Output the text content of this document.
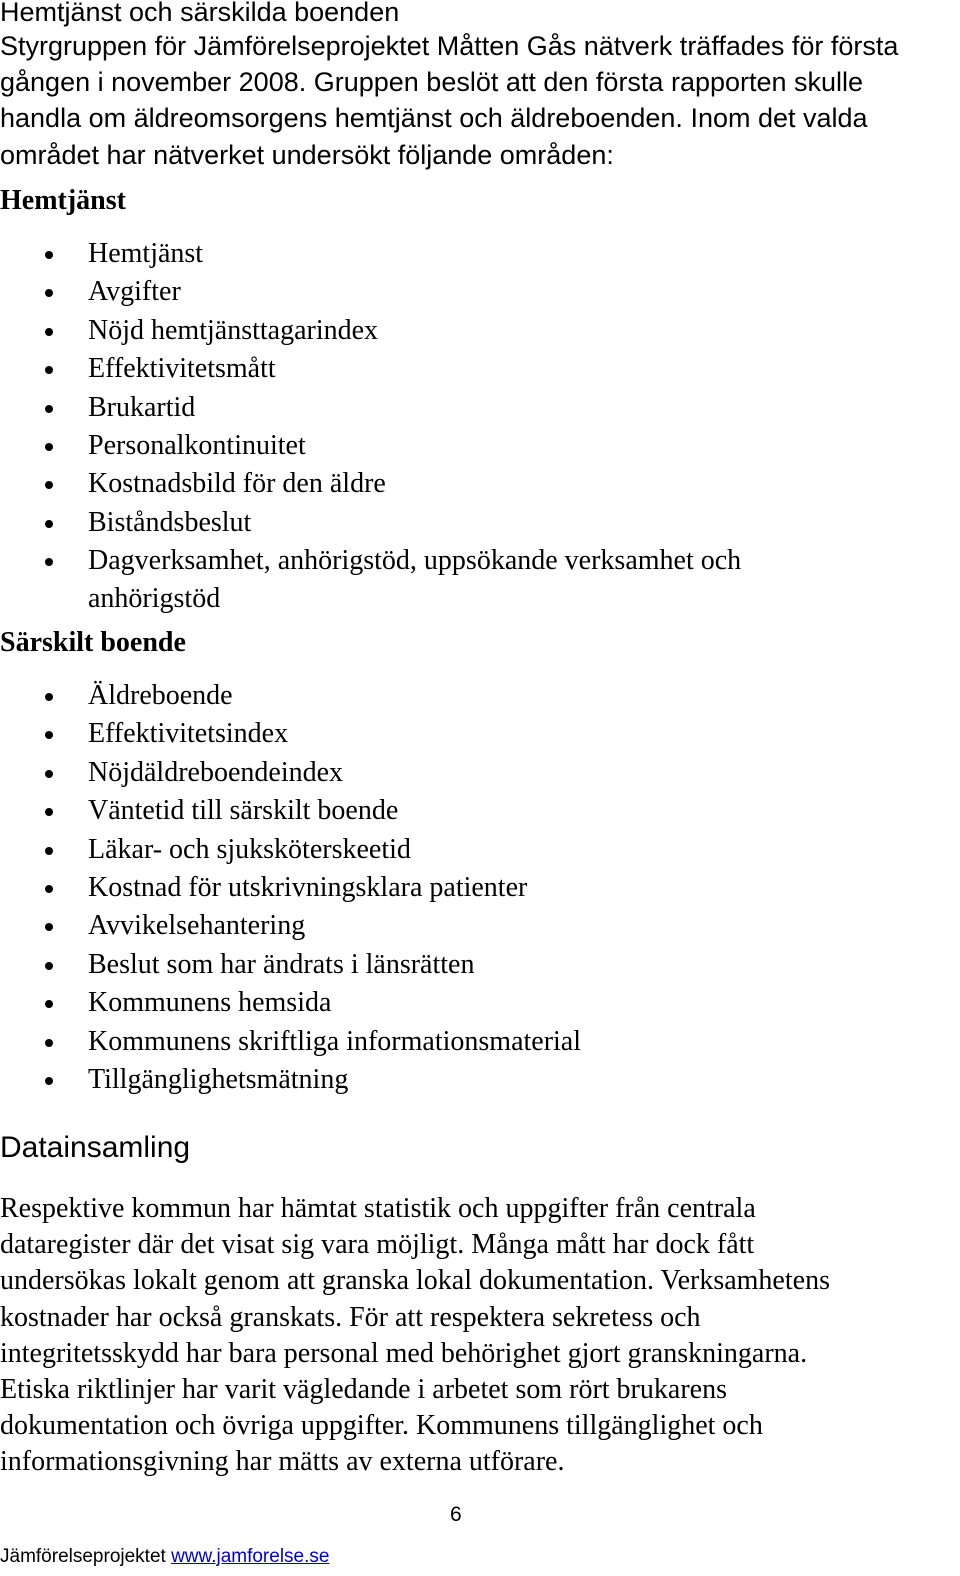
Hemtjänst och särskilda boenden
Styrgruppen för Jämförelseprojektet Måtten Gås nätverk träffades för första
gången i november 2008. Gruppen beslöt att den första rapporten skulle
handla om äldreomsorgens hemtjänst och äldreboenden. Inom det valda
området har nätverket undersökt följande områden:
Hemtjänst
Hemtjänst
Avgifter
Nöjd hemtjänsttagarindex
Effektivitetsmått
Brukartid
Personalkontinuitet
Kostnadsbild för den äldre
Biståndsbeslut
Dagverksamhet, anhörigstöd, uppsökande verksamhet och
anhörigstöd
Särskilt boende
Äldreboende
Effektivitetsindex
Nöjdäldreboendeindex
Väntetid till särskilt boende
Läkar- och sjuksköterskeetid
Kostnad för utskrivningsklara patienter
Avvikelsehantering
Beslut som har ändrats i länsrätten
Kommunens hemsida
Kommunens skriftliga informationsmaterial
Tillgänglighetsmätning
Datainsamling
Respektive kommun har hämtat statistik och uppgifter från centrala
dataregister där det visat sig vara möjligt. Många mått har dock fått
undersökas lokalt genom att granska lokal dokumentation. Verksamhetens
kostnader har också granskats. För att respektera sekretess och
integritetsskydd har bara personal med behörighet gjort granskningarna.
Etiska riktlinjer har varit vägledande i arbetet som rört brukarens
dokumentation och övriga uppgifter. Kommunens tillgänglighet och
informationsgivning har mätts av externa utförare.
6
Jämförelseprojektet www.jamforelse.se
